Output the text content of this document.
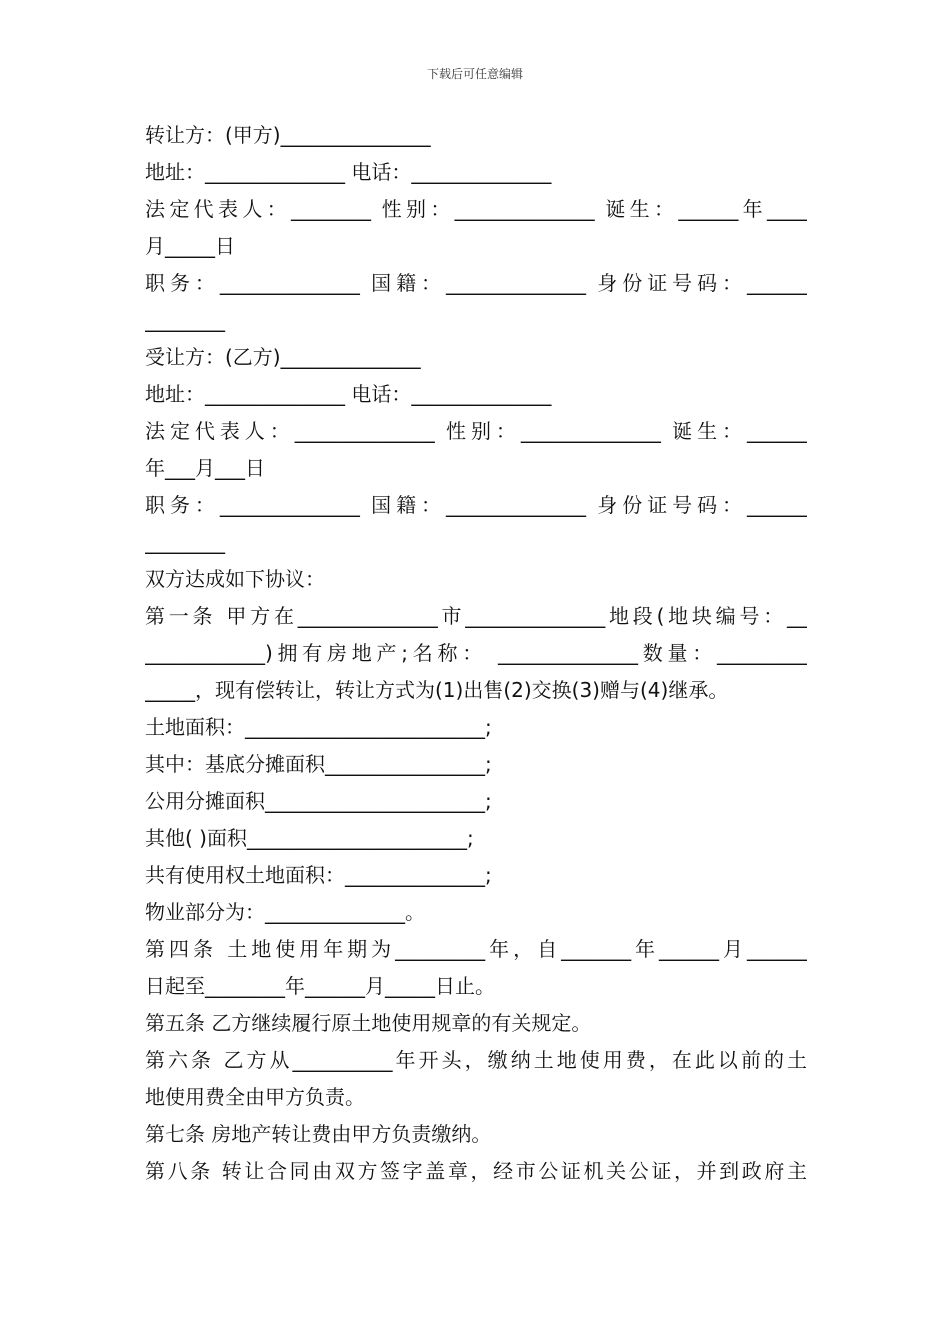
下载后可任意编辑
转让方：(甲方)_______________
地址：______________ 电话：______________
法定代表人：________ 性别：______________ 诞生：______年____
月_____日
职务：______________ 国籍：______________ 身份证号码：______
________
受让方：(乙方)______________
地址：______________ 电话：______________
法定代表人：______________ 性别：______________ 诞生：______
年___月___日
职务：______________ 国籍：______________ 身份证号码：______
________
双方达成如下协议：
第一条 甲方在______________市______________地段(地块编号：__
____________)拥有房地产;名称： ______________数量：_________
_____，现有偿转让，转让方式为(1)出售(2)交换(3)赠与(4)继承。
土地面积：________________________;
其中：基底分摊面积________________;
公用分摊面积______________________;
其他( )面积______________________;
共有使用权土地面积：______________;
物业部分为：______________。
第四条 土地使用年期为_________年，自_______年______月______
日起至________年______月_____日止。
第五条 乙方继续履行原土地使用规章的有关规定。
第六条 乙方从__________年开头，缴纳土地使用费，在此以前的土
地使用费全由甲方负责。
第七条 房地产转让费由甲方负责缴纳。
第八条 转让合同由双方签字盖章，经市公证机关公证，并到政府主
